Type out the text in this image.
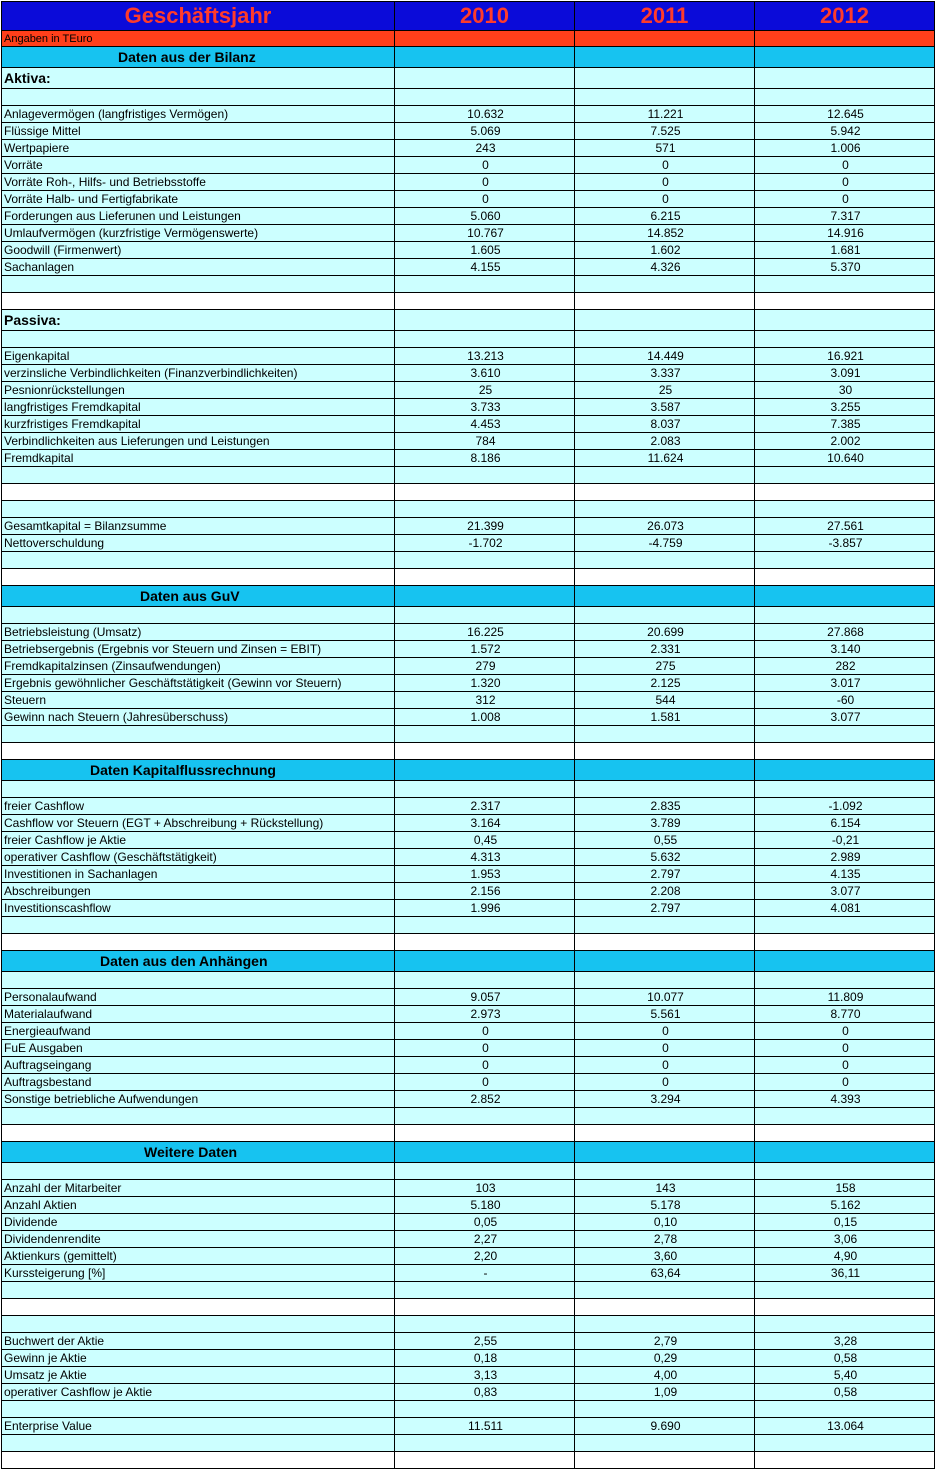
Geschäftsjahr	2010	2011	2012
Angaben in TEuro			
Daten aus der Bilanz			
Aktiva:			

Anlagevermögen (langfristiges Vermögen)	10.632	11.221	12.645
Flüssige Mittel	5.069	7.525	5.942
Wertpapiere	243	571	1.006
Vorräte	0	0	0
Vorräte Roh-, Hilfs- und Betriebsstoffe	0	0	0
Vorräte Halb- und Fertigfabrikate	0	0	0
Forderungen aus Lieferunen und Leistungen	5.060	6.215	7.317
Umlaufvermögen (kurzfristige Vermögenswerte)	10.767	14.852	14.916
Goodwill (Firmenwert)	1.605	1.602	1.681
Sachanlagen	4.155	4.326	5.370

Passiva:			

Eigenkapital	13.213	14.449	16.921
verzinsliche Verbindlichkeiten (Finanzverbindlichkeiten)	3.610	3.337	3.091
Pesnionrückstellungen	25	25	30
langfristiges Fremdkapital	3.733	3.587	3.255
kurzfristiges Fremdkapital	4.453	8.037	7.385
Verbindlichkeiten aus Lieferungen und Leistungen	784	2.083	2.002
Fremdkapital	8.186	11.624	10.640

Gesamtkapital = Bilanzsumme	21.399	26.073	27.561
Nettoverschuldung	-1.702	-4.759	-3.857

Daten aus GuV			

Betriebsleistung (Umsatz)	16.225	20.699	27.868
Betriebsergebnis (Ergebnis vor Steuern und Zinsen = EBIT)	1.572	2.331	3.140
Fremdkapitalzinsen (Zinsaufwendungen)	279	275	282
Ergebnis gewöhnlicher Geschäftstätigkeit (Gewinn vor Steuern)	1.320	2.125	3.017
Steuern	312	544	-60
Gewinn nach Steuern (Jahresüberschuss)	1.008	1.581	3.077

Daten Kapitalflussrechnung			

freier Cashflow	2.317	2.835	-1.092
Cashflow vor Steuern (EGT + Abschreibung + Rückstellung)	3.164	3.789	6.154
freier Cashflow je Aktie	0,45	0,55	-0,21
operativer Cashflow (Geschäftstätigkeit)	4.313	5.632	2.989
Investitionen in Sachanlagen	1.953	2.797	4.135
Abschreibungen	2.156	2.208	3.077
Investitionscashflow	1.996	2.797	4.081

Daten aus den Anhängen			

Personalaufwand	9.057	10.077	11.809
Materialaufwand	2.973	5.561	8.770
Energieaufwand	0	0	0
FuE Ausgaben	0	0	0
Auftragseingang	0	0	0
Auftragsbestand	0	0	0
Sonstige betriebliche Aufwendungen	2.852	3.294	4.393

Weitere Daten			

Anzahl der Mitarbeiter	103	143	158
Anzahl Aktien	5.180	5.178	5.162
Dividende	0,05	0,10	0,15
Dividendenrendite	2,27	2,78	3,06
Aktienkurs (gemittelt)	2,20	3,60	4,90
Kurssteigerung [%]	-	63,64	36,11

Buchwert der Aktie	2,55	2,79	3,28
Gewinn je Aktie	0,18	0,29	0,58
Umsatz je Aktie	3,13	4,00	5,40
operativer Cashflow je Aktie	0,83	1,09	0,58

Enterprise Value	11.511	9.690	13.064
